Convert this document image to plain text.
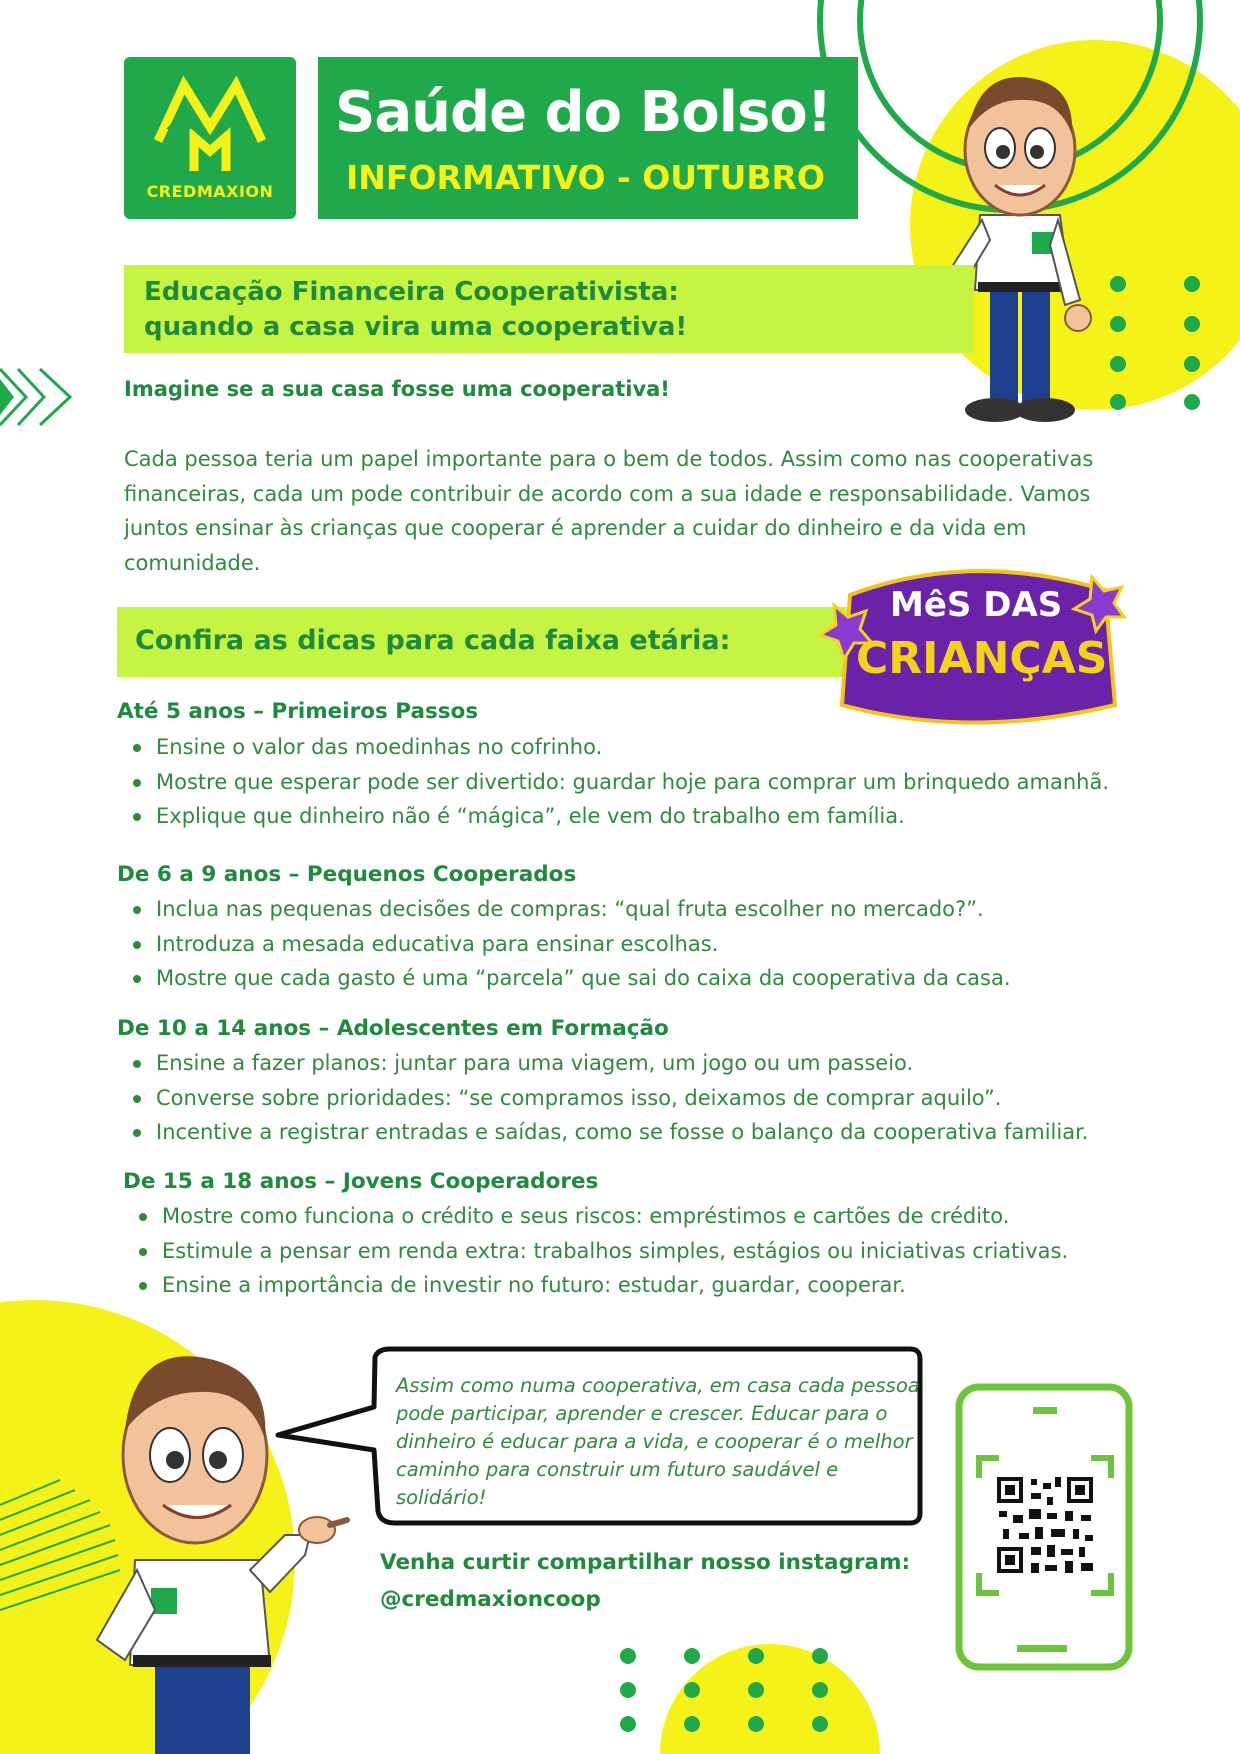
CREDMAXION
Saúde do Bolso!
INFORMATIVO - OUTUBRO
Educação Financeira Cooperativista:
quando a casa vira uma cooperativa!
Imagine se a sua casa fosse uma cooperativa!
Cada pessoa teria um papel importante para o bem de todos. Assim como nas cooperativas financeiras, cada um pode contribuir de acordo com a sua idade e responsabilidade. Vamos juntos ensinar às crianças que cooperar é aprender a cuidar do dinheiro e da vida em comunidade.
Confira as dicas para cada faixa etária:
MêS DAS
CRIANÇAS
Até 5 anos – Primeiros Passos
Ensine o valor das moedinhas no cofrinho.
Mostre que esperar pode ser divertido: guardar hoje para comprar um brinquedo amanhã.
Explique que dinheiro não é “mágica”, ele vem do trabalho em família.
De 6 a 9 anos – Pequenos Cooperados
Inclua nas pequenas decisões de compras: “qual fruta escolher no mercado?”.
Introduza a mesada educativa para ensinar escolhas.
Mostre que cada gasto é uma “parcela” que sai do caixa da cooperativa da casa.
De 10 a 14 anos – Adolescentes em Formação
Ensine a fazer planos: juntar para uma viagem, um jogo ou um passeio.
Converse sobre prioridades: “se compramos isso, deixamos de comprar aquilo”.
Incentive a registrar entradas e saídas, como se fosse o balanço da cooperativa familiar.
De 15 a 18 anos – Jovens Cooperadores
Mostre como funciona o crédito e seus riscos: empréstimos e cartões de crédito.
Estimule a pensar em renda extra: trabalhos simples, estágios ou iniciativas criativas.
Ensine a importância de investir no futuro: estudar, guardar, cooperar.
Assim como numa cooperativa, em casa cada pessoa pode participar, aprender e crescer. Educar para o dinheiro é educar para a vida, e cooperar é o melhor caminho para construir um futuro saudável e solidário!
Venha curtir compartilhar nosso instagram:
@credmaxioncoop
